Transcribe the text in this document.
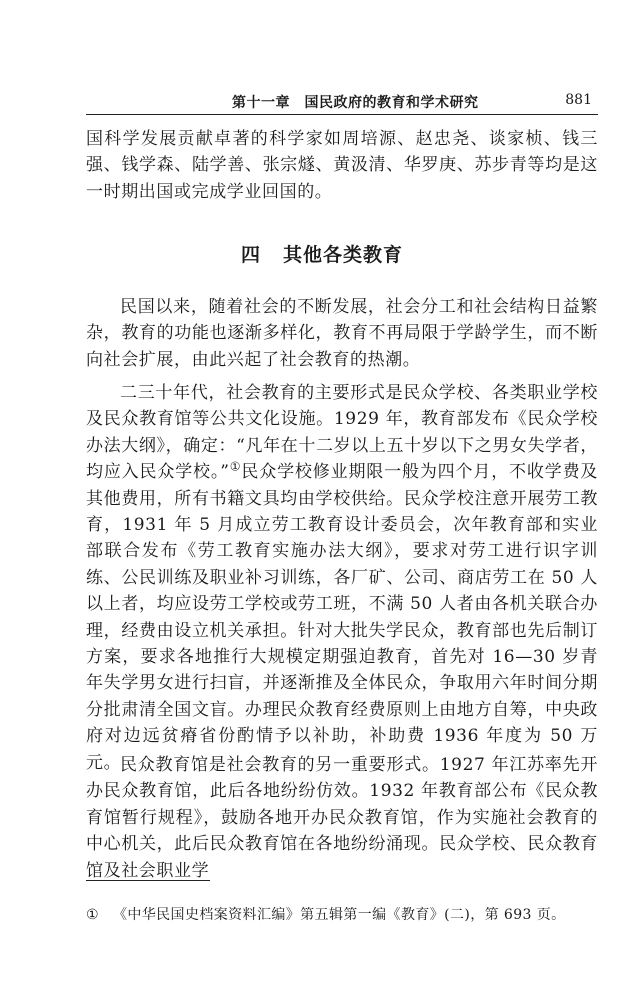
第十一章　国民政府的教育和学术研究	881

国科学发展贡献卓著的科学家如周培源、赵忠尧、谈家桢、钱三强、钱学森、陆学善、张宗燧、黄汲清、华罗庚、苏步青等均是这一时期出国或完成学业回国的。

四 其他各类教育

民国以来，随着社会的不断发展，社会分工和社会结构日益繁杂，教育的功能也逐渐多样化，教育不再局限于学龄学生，而不断向社会扩展，由此兴起了社会教育的热潮。

二三十年代，社会教育的主要形式是民众学校、各类职业学校及民众教育馆等公共文化设施。1929 年，教育部发布《民众学校办法大纲》，确定：“凡年在十二岁以上五十岁以下之男女失学者，均应入民众学校。”①民众学校修业期限一般为四个月，不收学费及其他费用，所有书籍文具均由学校供给。民众学校注意开展劳工教育，1931 年 5 月成立劳工教育设计委员会，次年教育部和实业部联合发布《劳工教育实施办法大纲》，要求对劳工进行识字训练、公民训练及职业补习训练，各厂矿、公司、商店劳工在 50 人以上者，均应设劳工学校或劳工班，不满 50 人者由各机关联合办理，经费由设立机关承担。针对大批失学民众，教育部也先后制订方案，要求各地推行大规模定期强迫教育，首先对 16—30 岁青年失学男女进行扫盲，并逐渐推及全体民众，争取用六年时间分期分批肃清全国文盲。办理民众教育经费原则上由地方自筹，中央政府对边远贫瘠省份酌情予以补助，补助费 1936 年度为 50 万元。

民众教育馆是社会教育的另一重要形式。1927 年江苏率先开办民众教育馆，此后各地纷纷仿效。1932 年教育部公布《民众教育馆暂行规程》，鼓励各地开办民众教育馆，作为实施社会教育的中心机关，此后民众教育馆在各地纷纷涌现。民众学校、民众教育馆及社会职业学

① 《中华民国史档案资料汇编》第五辑第一编《教育》(二)，第 693 页。
